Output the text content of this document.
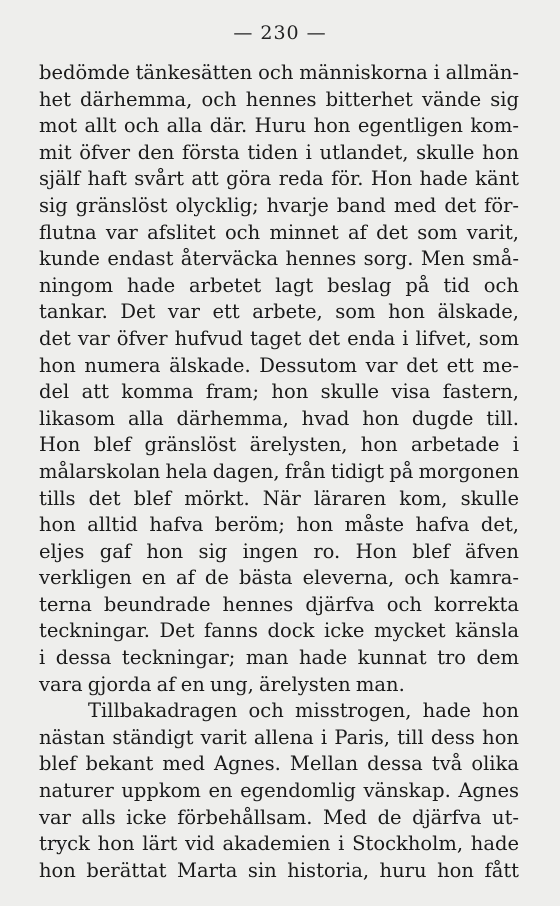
— 230 —
bedömde tänkesätten och människorna i allmän-
het därhemma, och hennes bitterhet vände sig
mot allt och alla där. Huru hon egentligen kom-
mit öfver den första tiden i utlandet, skulle hon
själf haft svårt att göra reda för. Hon hade känt
sig gränslöst olycklig; hvarje band med det för-
flutna var afslitet och minnet af det som varit,
kunde endast återväcka hennes sorg. Men små-
ningom hade arbetet lagt beslag på tid och
tankar. Det var ett arbete, som hon älskade,
det var öfver hufvud taget det enda i lifvet, som
hon numera älskade. Dessutom var det ett me-
del att komma fram; hon skulle visa fastern,
likasom alla därhemma, hvad hon dugde till.
Hon blef gränslöst ärelysten, hon arbetade i
målarskolan hela dagen, från tidigt på morgonen
tills det blef mörkt. När läraren kom, skulle
hon alltid hafva beröm; hon måste hafva det,
eljes gaf hon sig ingen ro. Hon blef äfven
verkligen en af de bästa eleverna, och kamra-
terna beundrade hennes djärfva och korrekta
teckningar. Det fanns dock icke mycket känsla
i dessa teckningar; man hade kunnat tro dem
vara gjorda af en ung, ärelysten man.
Tillbakadragen och misstrogen, hade hon
nästan ständigt varit allena i Paris, till dess hon
blef bekant med Agnes. Mellan dessa två olika
naturer uppkom en egendomlig vänskap. Agnes
var alls icke förbehållsam. Med de djärfva ut-
tryck hon lärt vid akademien i Stockholm, hade
hon berättat Marta sin historia, huru hon fått
